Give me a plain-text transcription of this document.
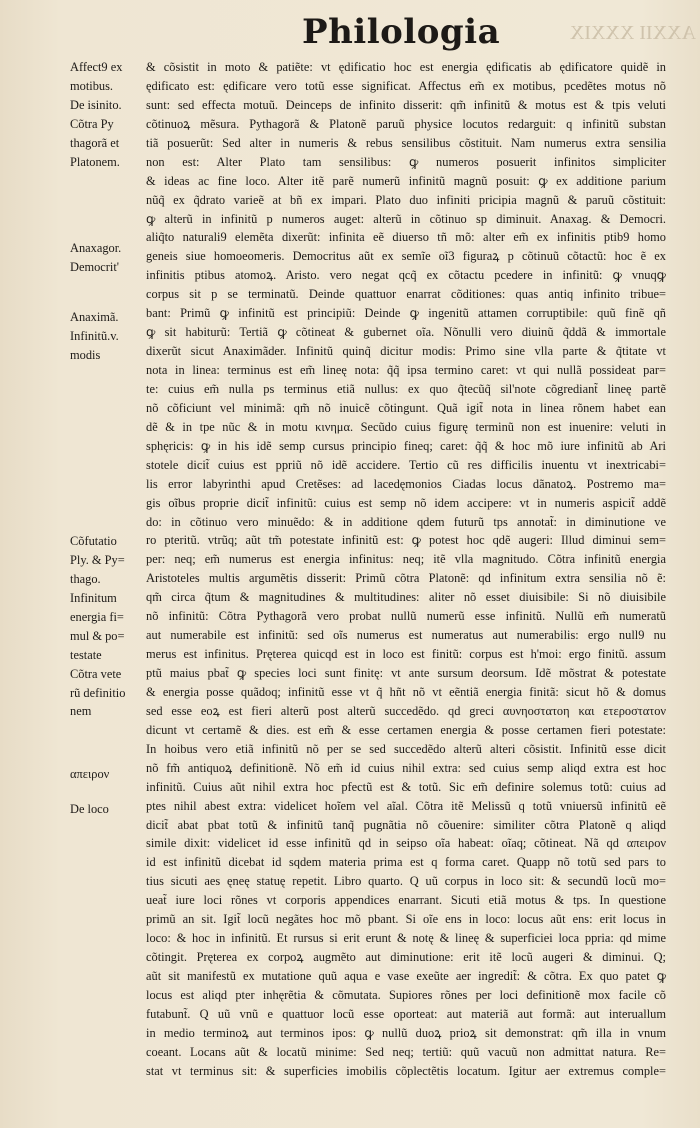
AXXII XXXIX
Philologia
& cõsistit in moto & patiẽte: vt ędificatio hoc est energia ędificatis ab ędificatore quidẽ in
ędificato est: ędificare vero totũ esse significat. Affectus em̃ ex motibus, pcedẽtes motus nõ
sunt: sed effecta motuũ. Deinceps de infinito disserit: qm̃ infinitũ & motus est & tpis veluti
cõtinuoꝝ mẽsura. Pythagorã & Platonẽ paruũ physice locutos redarguit: q infinitũ substan
tiã posuerũt: Sed alter in numeris & rebus sensilibus cõstituit. Nam numerus extra sensilia
non est: Alter Plato tam sensilibus: ꝙ numeros posuerit infinitos simpliciter
& ideas ac fine loco. Alter itẽ parẽ numerũ infinitũ magnũ posuit: ꝙ ex additione parium
nũq̃ ex q̃drato varieẽ at bñ ex impari. Plato duo infiniti pricipia magnũ & paruũ cõstituit:
ꝙ alterũ in infinitũ p numeros auget: alterũ in cõtinuo sp diminuit. Anaxag. & Democri.
aliq̃to naturali9 elemẽta dixerũt: infinita eẽ diuerso tñ mõ: alter em̃ ex infinitis ptib9 homo
geneis siue homoeomeris. Democritus aũt ex semĩe oĩ3 figuraꝝ p cõtinuũ cõtactũ: hoc ẽ ex
infinitis ptibus atomoꝝ. Aristo. vero negat qcq̃ ex cõtactu pcedere in infinitũ: ꝙ vnuqꝙ
corpus sit p se terminatũ. Deinde quattuor enarrat cõditiones: quas antiq infinito tribue=
bant: Primũ ꝙ infinitũ est principiũ: Deinde ꝙ ingenitũ attamen corruptibile: quũ finẽ qñ
ꝙ sit habiturũ: Tertiã ꝙ cõtineat & gubernet oĩa. Nõnulli vero diuinũ q̃ddã & immortale
dixerũt sicut Anaximãder. Infinitũ quinq̃ dicitur modis: Primo sine vlla parte & q̃titate vt
nota in linea: terminus est em̃ lineę nota: q̃q̃ ipsa termino caret: vt qui nullã possideat par=
te: cuius em̃ nulla ps terminus etiã nullus: ex quo q̃tecũq̃ sil'note cõgrediant̃ lineę partẽ
nõ cõficiunt vel minimã: qm̃ nõ inuicẽ cõtingunt. Quã igit̃ nota in linea rõnem habet ean
dẽ & in tpe nũc & in motu κινημα. Secũdo cuius figurę terminũ non est inuenire: veluti in
sphęricis: ꝙ in his idẽ semp cursus principio fineq; caret: q̃q̃ & hoc mõ iure infinitũ ab Ari
stotele dicit̃ cuius est ppriũ nõ idẽ accidere. Tertio cũ res difficilis inuentu vt inextricabi=
lis error labyrinthi apud Cretẽses: ad lacedęmonios Ciadas locus dãnatoꝝ. Postremo ma=
gis oĩbus proprie dicit̃ infinitũ: cuius est semp nõ idem accipere: vt in numeris aspicit̃ addẽ
do: in cõtinuo vero minuẽdo: & in additione qdem futurũ tps annotat̃: in diminutione ve
ro pteritũ. vtrũq; aũt tm̃ potestate infinitũ est: ꝙ potest hoc qdẽ augeri: Illud diminui sem=
per: neq; em̃ numerus est energia infinitus: neq; itẽ vlla magnitudo. Cõtra infinitũ energia
Aristoteles multis argumẽtis disserit: Primũ cõtra Platonẽ: qd infinitum extra sensilia nõ ẽ:
qm̃ circa q̃tum & magnitudines & multitudines: aliter nõ esset diuisibile: Si nõ diuisibile
nõ infinitũ: Cõtra Pythagorã vero probat nullũ numerũ esse infinitũ. Nullũ em̃ numeratũ
aut numerabile est infinitũ: sed oĩs numerus est numeratus aut numerabilis: ergo null9 nu
merus est infinitus. Pręterea quicqd est in loco est finitũ: corpus est h'moi: ergo finitũ. assum
ptũ maius pbat̃ ꝙ species loci sunt finitę: vt ante sursum deorsum. Idẽ mõstrat & potestate
& energia posse quãdoq; infinitũ esse vt q̃ hñt nõ vt eẽntiã energia finitã: sicut hõ & domus
sed esse eoꝝ est fieri alterũ post alterũ succedẽdo. qd greci αυνηοστατοη και ετεροστατον
dicunt vt certamẽ & dies. est em̃ & esse certamen energia & posse certamen fieri potestate:
In hoibus vero etiã infinitũ nõ per se sed succedẽdo alterũ alteri cõsistit. Infinitũ esse dicit
nõ fm̃ antiquoꝝ definitionẽ. Nõ em̃ id cuius nihil extra: sed cuius semp aliqd extra est hoc
infinitũ. Cuius aũt nihil extra hoc pfectũ est & totũ. Sic em̃ definire solemus totũ: cuius ad
ptes nihil abest extra: videlicet hoĩem vel aĩal. Cõtra itẽ Melissũ q totũ vniuersũ infinitũ eẽ
dicit̃ abat pbat totũ & infinitũ tanq̃ pugnãtia nõ cõuenire: similiter cõtra Platonẽ q aliqd
simile dixit: videlicet id esse infinitũ qd in seipso oĩa habeat: oĩaq; cõtineat. Nã qd απειρον
id est infinitũ dicebat id sqdem materia prima est q forma caret. Quapp nõ totũ sed pars to
tius sicuti aes ęneę statuę repetit. Libro quarto. Q uũ corpus in loco sit: & secundũ locũ mo=
ueat̃ iure loci rõnes vt corporis appendices enarrant. Sicuti etiã motus & tps. In questione
primũ an sit. Igit̃ locũ negãtes hoc mõ pbant. Si oĩe ens in loco: locus aũt ens: erit locus in
loco: & hoc in infinitũ. Et rursus si erit erunt & notę & lineę & superficiei loca ppria: qd mime
cõtingit. Pręterea ex corpoꝝ augmẽto aut diminutione: erit itẽ locũ augeri & diminui. Q;
aũt sit manifestũ ex mutatione quũ aqua e vase exeũte aer ingredit̃: & cõtra. Ex quo patet ꝙ
locus est aliqd pter inhęrẽtia & cõmutata. Supiores rõnes per loci definitionẽ mox facile cõ
futabunt̃. Q uũ vnũ e quattuor locũ esse oporteat: aut materiã aut formã: aut interuallum
in medio terminoꝝ aut terminos ipos: ꝙ nullũ duoꝝ prioꝝ sit demonstrat: qm̃ illa in vnum
coeant. Locans aũt & locatũ minime: Sed neq; tertiũ: quũ vacuũ non admittat natura. Re=
stat vt terminus sit: & superficies imobilis cõplectẽtis locatum. Igitur aer extremus comple=
Affect9 ex
motibus.
De isinito.
Cõtra Py
thagorã et
Platonem.
Anaxagor.
Democrit'
Anaximã.
Infinitũ.v.
modis
Cõfutatio
Ply. & Py=
thago.
Infinitum
energia fi=
mul & po=
testate
Cõtra vete
rũ definitio
nem
απειρον
De loco
